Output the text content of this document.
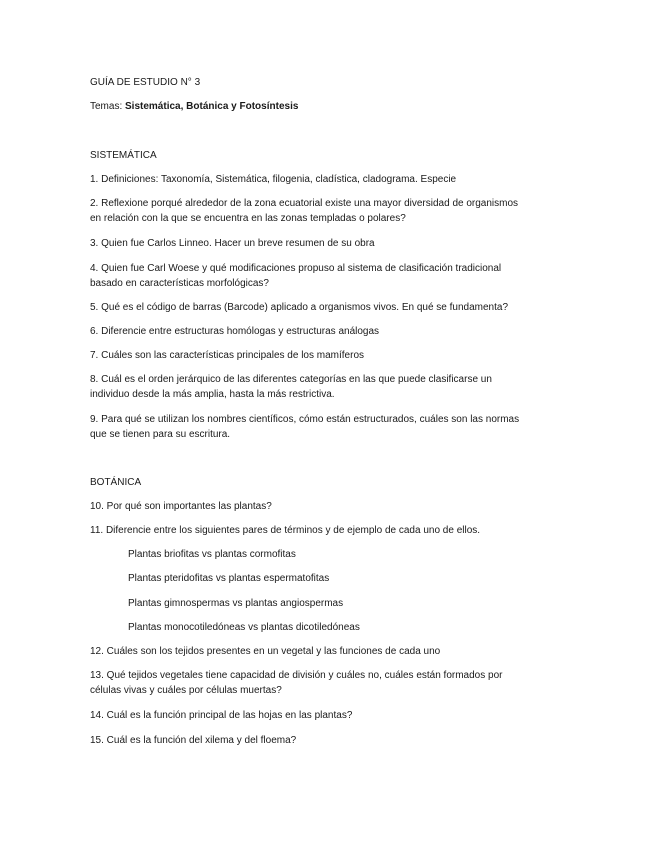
GUÍA DE ESTUDIO N° 3

Temas: Sistemática, Botánica y Fotosíntesis

SISTEMÁTICA

1. Definiciones: Taxonomía, Sistemática, filogenia, cladística, cladograma. Especie

2. Reflexione porqué alrededor de la zona ecuatorial existe una mayor diversidad de organismos
en relación con la que se encuentra en las zonas templadas o polares?

3. Quien fue Carlos Linneo. Hacer un breve resumen de su obra

4. Quien fue Carl Woese y qué modificaciones propuso al sistema de clasificación tradicional
basado en características morfológicas?

5. Qué es el código de barras (Barcode) aplicado a organismos vivos. En qué se fundamenta?

6. Diferencie entre estructuras homólogas y estructuras análogas

7. Cuáles son las características principales de los mamíferos

8. Cuál es el orden jerárquico de las diferentes categorías en las que puede clasificarse un
individuo desde la más amplia, hasta la más restrictiva.
9. Para qué se utilizan los nombres científicos, cómo están estructurados, cuáles son las normas
que se tienen para su escritura.

BOTÁNICA

10. Por qué son importantes las plantas?

11. Diferencie entre los siguientes pares de términos y de ejemplo de cada uno de ellos.

Plantas briofitas vs plantas cormofitas

Plantas pteridofitas vs plantas espermatofitas

Plantas gimnospermas vs plantas angiospermas

Plantas monocotiledóneas vs plantas dicotiledóneas

12. Cuáles son los tejidos presentes en un vegetal y las funciones de cada uno

13. Qué tejidos vegetales tiene capacidad de división y cuáles no, cuáles están formados por
células vivas y cuáles por células muertas?

14. Cuál es la función principal de las hojas en las plantas?

15. Cuál es la función del xilema y del floema?
